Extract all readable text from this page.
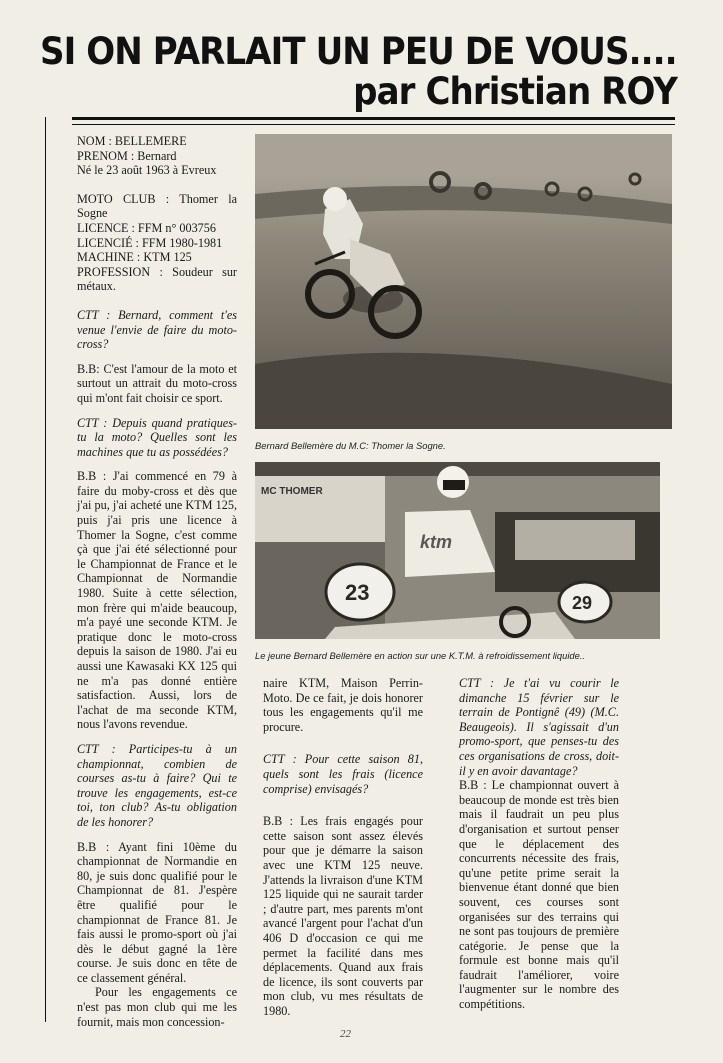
SI ON PARLAIT UN PEU DE VOUS....
par Christian ROY

NOM : BELLEMERE

PRENOM : Bernard

Né le 23 août 1963 à Evreux

MOTO CLUB : Thomer la Sogne

LICENCE : FFM n° 003756

LICENCIÉ : FFM 1980-1981

MACHINE : KTM 125

PROFESSION : Soudeur sur métaux.

CTT : Bernard, comment t'es venue l'envie de faire du moto-cross?

B.B: C'est l'amour de la moto et surtout un attrait du moto-cross qui m'ont fait choisir ce sport.

CTT : Depuis quand pratiques-tu la moto? Quelles sont les machines que tu as possédées?

B.B : J'ai commencé en 79 à faire du moby-cross et dès que j'ai pu, j'ai acheté une KTM 125, puis j'ai pris une licence à Thomer la Sogne, c'est comme çà que j'ai été sélectionné pour le Championnat de France et le Championnat de Normandie 1980. Suite à cette sélection, mon frère qui m'aide beaucoup, m'a payé une seconde KTM. Je pratique donc le moto-cross depuis la saison de 1980. J'ai eu aussi une Kawasaki KX 125 qui ne m'a pas donné entière satisfaction. Aussi, lors de l'achat de ma seconde KTM, nous l'avons revendue.

CTT : Participes-tu à un championnat, combien de courses as-tu à faire? Qui te trouve les engagements, est-ce toi, ton club? As-tu obligation de les honorer?

B.B : Ayant fini 10ème du championnat de Normandie en 80, je suis donc qualifié pour le Championnat de 81. J'espère être qualifié pour le championnat de France 81. Je fais aussi le promo-sport où j'ai dès le début gagné la 1ère course. Je suis donc en tête de ce classement général.

Pour les engagements ce n'est pas mon club qui me les fournit, mais mon concession-

Bernard Bellemère du M.C: Thomer la Sogne.
MC THOMER
ktm
23	29
Le jeune Bernard Bellemère en action sur une K.T.M. à refroidissement liquide..

naire KTM, Maison Perrin-Moto. De ce fait, je dois honorer tous les engagements qu'il me procure.

CTT : Pour cette saison 81, quels sont les frais (licence comprise) envisagés?

B.B : Les frais engagés pour cette saison sont assez élevés pour que je démarre la saison avec une KTM 125 neuve. J'attends la livraison d'une KTM 125 liquide qui ne saurait tarder ; d'autre part, mes parents m'ont avancé l'argent pour l'achat d'un 406 D d'occasion ce qui me permet la facilité dans mes déplacements. Quand aux frais de licence, ils sont couverts par mon club, vu mes résultats de 1980.

CTT : Je t'ai vu courir le dimanche 15 février sur le terrain de Pontignê (49) (M.C. Beaugeois). Il s'agissait d'un promo-sport, que penses-tu des ces organisations de cross, doit-il y en avoir davantage?

B.B : Le championnat ouvert à beaucoup de monde est très bien mais il faudrait un peu plus d'organisation et surtout penser que le déplacement des concurrents nécessite des frais, qu'une petite prime serait la bienvenue étant donné que bien souvent, ces courses sont organisées sur des terrains qui ne sont pas toujours de première catégorie. Je pense que la formule est bonne mais qu'il faudrait l'améliorer, voire l'augmenter sur le nombre des compétitions.

22
